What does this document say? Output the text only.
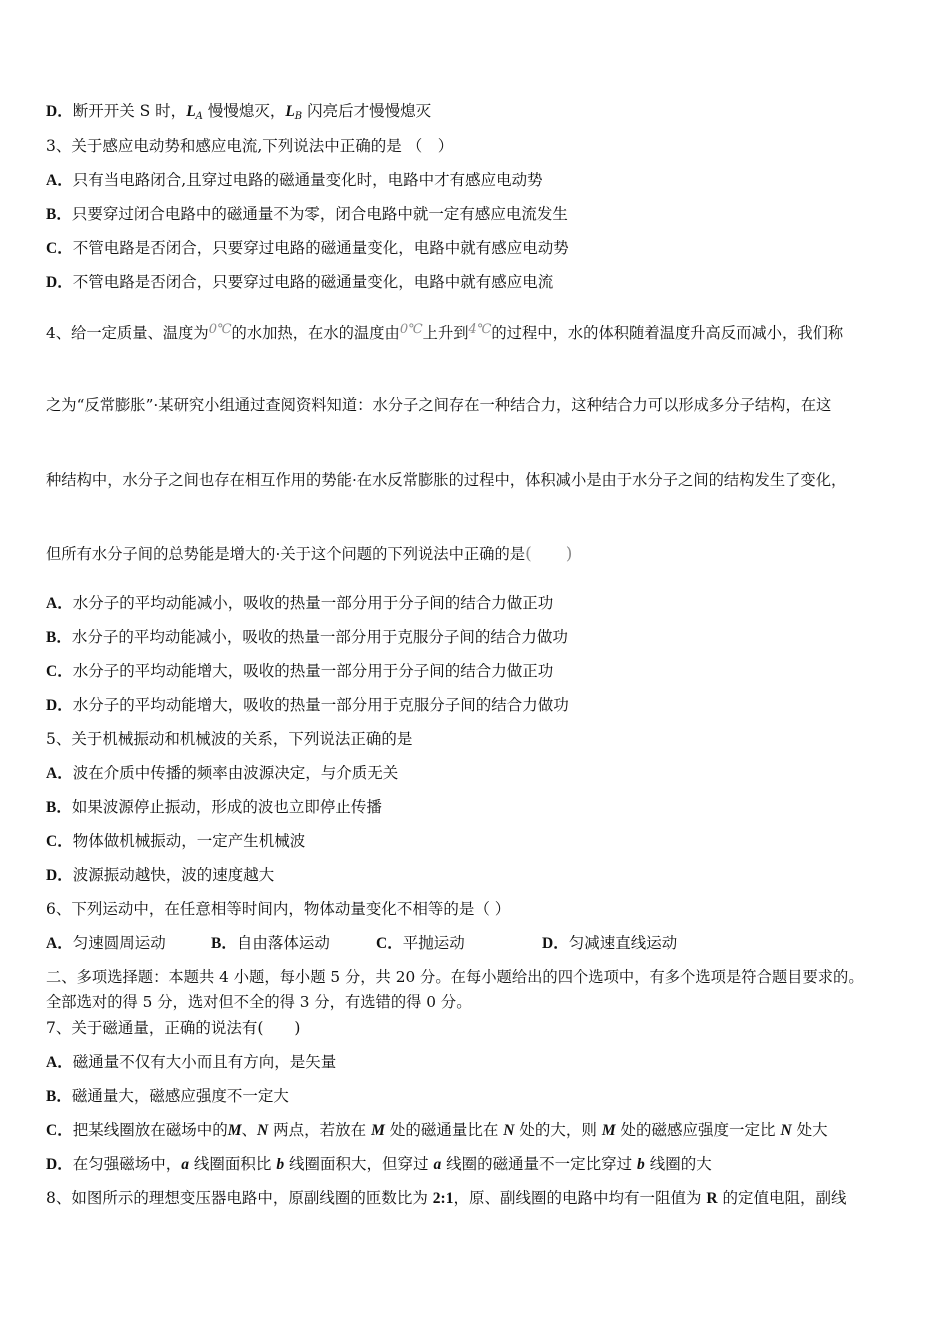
D．断开开关 S 时，$L_A$ 慢慢熄灭，$L_B$ 闪亮后才慢慢熄灭
3、关于感应电动势和感应电流,下列说法中正确的是 （　）
A．只有当电路闭合,且穿过电路的磁通量变化时，电路中才有感应电动势
B．只要穿过闭合电路中的磁通量不为零，闭合电路中就一定有感应电流发生
C．不管电路是否闭合，只要穿过电路的磁通量变化，电路中就有感应电动势
D．不管电路是否闭合，只要穿过电路的磁通量变化，电路中就有感应电流
4、给一定质量、温度为$^{0℃}$的水加热，在水的温度由$^{0℃}$上升到$^{4℃}$的过程中，水的体积随着温度升高反而减小，我们称
之为“反常膨胀”·某研究小组通过查阅资料知道：水分子之间存在一种结合力，这种结合力可以形成多分子结构，在这
种结构中，水分子之间也存在相互作用的势能·在水反常膨胀的过程中，体积减小是由于水分子之间的结构发生了变化，
但所有水分子间的总势能是增大的·关于这个问题的下列说法中正确的是(　　)
A．水分子的平均动能减小，吸收的热量一部分用于分子间的结合力做正功
B．水分子的平均动能减小，吸收的热量一部分用于克服分子间的结合力做功
C．水分子的平均动能增大，吸收的热量一部分用于分子间的结合力做正功
D．水分子的平均动能增大，吸收的热量一部分用于克服分子间的结合力做功
5、关于机械振动和机械波的关系，下列说法正确的是
A．波在介质中传播的频率由波源决定，与介质无关
B．如果波源停止振动，形成的波也立即停止传播
C．物体做机械振动，一定产生机械波
D．波源振动越快，波的速度越大
6、下列运动中，在任意相等时间内，物体动量变化不相等的是（ ）
A．匀速圆周运动	B．自由落体运动	C．平抛运动	D．匀减速直线运动
二、多项选择题：本题共 4 小题，每小题 5 分，共 20 分。在每小题给出的四个选项中，有多个选项是符合题目要求的。
全部选对的得 5 分，选对但不全的得 3 分，有选错的得 0 分。
7、关于磁通量，正确的说法有(　　)
A．磁通量不仅有大小而且有方向，是矢量
B．磁通量大，磁感应强度不一定大
C．把某线圈放在磁场中的M、N 两点，若放在 M 处的磁通量比在 N 处的大，则 M 处的磁感应强度一定比 N 处大
D．在匀强磁场中，a 线圈面积比 b 线圈面积大，但穿过 a 线圈的磁通量不一定比穿过 b 线圈的大
8、如图所示的理想变压器电路中，原副线圈的匝数比为 2:1，原、副线圈的电路中均有一阻值为 R 的定值电阻，副线
